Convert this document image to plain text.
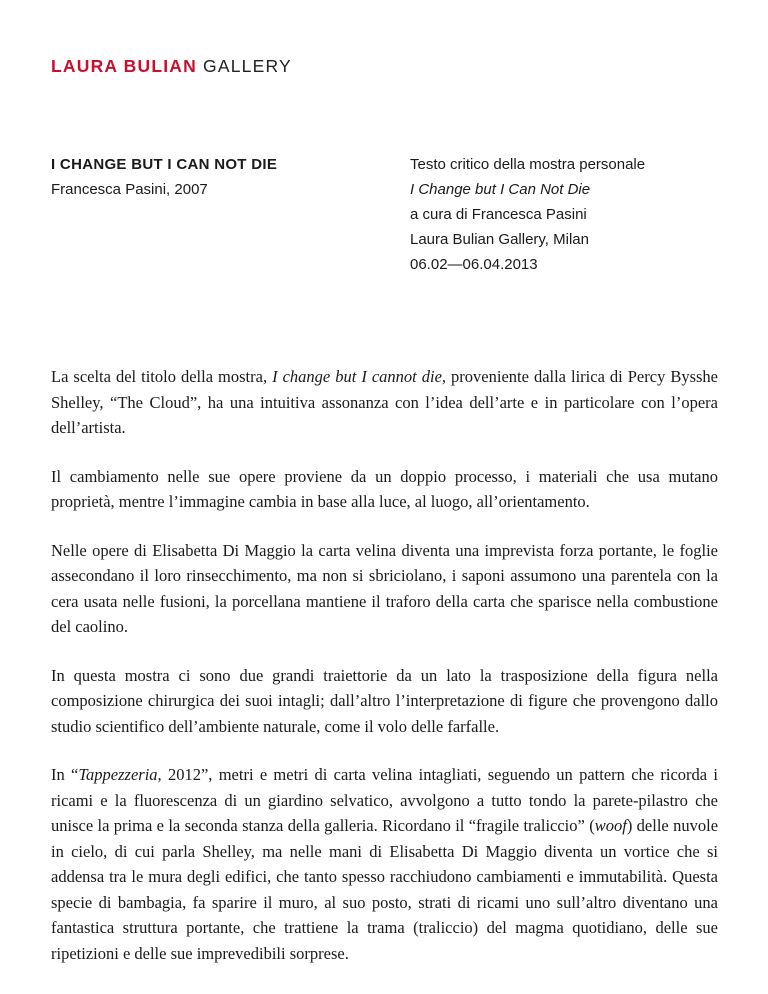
LAURA BULIAN GALLERY
I CHANGE BUT I CAN NOT DIE
Francesca Pasini, 2007
Testo critico della mostra personale
I Change but I Can Not Die
a cura di Francesca Pasini
Laura Bulian Gallery, Milan
06.02—06.04.2013

La scelta del titolo della mostra, I change but I cannot die, proveniente dalla lirica di Percy Bysshe Shelley, “The Cloud”, ha una intuitiva assonanza con l’idea dell’arte e in particolare con l’opera dell’artista.

Il cambiamento nelle sue opere proviene da un doppio processo, i materiali che usa mutano proprietà, mentre l’immagine cambia in base alla luce, al luogo, all’orientamento.

Nelle opere di Elisabetta Di Maggio la carta velina diventa una imprevista forza portante, le foglie assecondano il loro rinsecchimento, ma non si sbriciolano, i saponi assumono una parentela con la cera usata nelle fusioni, la porcellana mantiene il traforo della carta che sparisce nella combustione del caolino.

In questa mostra ci sono due grandi traiettorie da un lato la trasposizione della figura nella composizione chirurgica dei suoi intagli; dall’altro l’interpretazione di figure che provengono dallo studio scientifico dell’ambiente naturale, come il volo delle farfalle.

In “Tappezzeria, 2012”, metri e metri di carta velina intagliati, seguendo un pattern che ricorda i ricami e la fluorescenza di un giardino selvatico, avvolgono a tutto tondo la parete-pilastro che unisce la prima e la seconda stanza della galleria. Ricordano il “fragile traliccio” (woof) delle nuvole in cielo, di cui parla Shelley, ma nelle mani di Elisabetta Di Maggio diventa un vortice che si addensa tra le mura degli edifici, che tanto spesso racchiudono cambiamenti e immutabilità. Questa specie di bambagia, fa sparire il muro, al suo posto, strati di ricami uno sull’altro diventano una fantastica struttura portante, che trattiene la trama (traliccio) del magma quotidiano, delle sue ripetizioni e delle sue imprevedibili sorprese.
